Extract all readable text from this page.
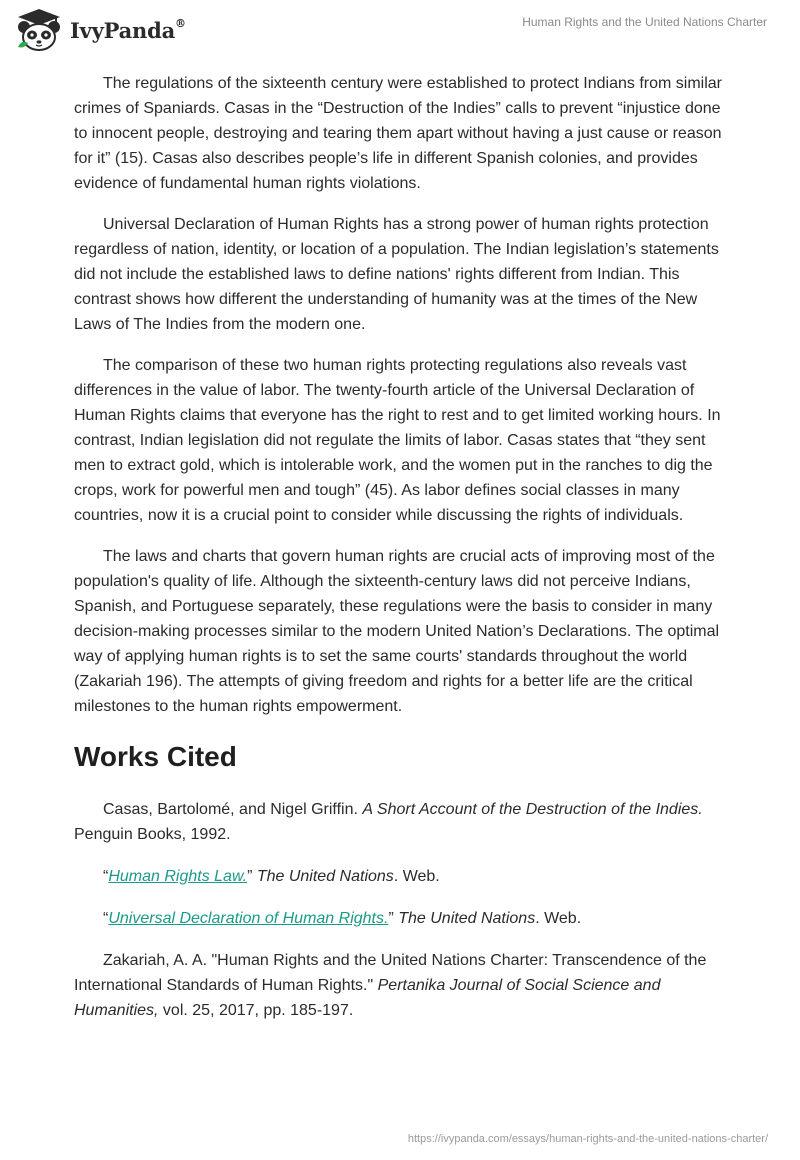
IvyPanda®	Human Rights and the United Nations Charter

The regulations of the sixteenth century were established to protect Indians from similar crimes of Spaniards. Casas in the “Destruction of the Indies” calls to prevent “injustice done to innocent people, destroying and tearing them apart without having a just cause or reason for it” (15). Casas also describes people’s life in different Spanish colonies, and provides evidence of fundamental human rights violations.

Universal Declaration of Human Rights has a strong power of human rights protection regardless of nation, identity, or location of a population. The Indian legislation’s statements did not include the established laws to define nations' rights different from Indian. This contrast shows how different the understanding of humanity was at the times of the New Laws of The Indies from the modern one.

The comparison of these two human rights protecting regulations also reveals vast differences in the value of labor. The twenty-fourth article of the Universal Declaration of Human Rights claims that everyone has the right to rest and to get limited working hours. In contrast, Indian legislation did not regulate the limits of labor. Casas states that “they sent men to extract gold, which is intolerable work, and the women put in the ranches to dig the crops, work for powerful men and tough” (45). As labor defines social classes in many countries, now it is a crucial point to consider while discussing the rights of individuals.

The laws and charts that govern human rights are crucial acts of improving most of the population's quality of life. Although the sixteenth-century laws did not perceive Indians, Spanish, and Portuguese separately, these regulations were the basis to consider in many decision-making processes similar to the modern United Nation’s Declarations. The optimal way of applying human rights is to set the same courts' standards throughout the world (Zakariah 196). The attempts of giving freedom and rights for a better life are the critical milestones to the human rights empowerment.

Works Cited

Casas, Bartolomé, and Nigel Griffin. A Short Account of the Destruction of the Indies. Penguin Books, 1992.

“Human Rights Law.” The United Nations. Web.

“Universal Declaration of Human Rights.” The United Nations. Web.

Zakariah, A. A. "Human Rights and the United Nations Charter: Transcendence of the International Standards of Human Rights." Pertanika Journal of Social Science and Humanities, vol. 25, 2017, pp. 185-197.

https://ivypanda.com/essays/human-rights-and-the-united-nations-charter/
